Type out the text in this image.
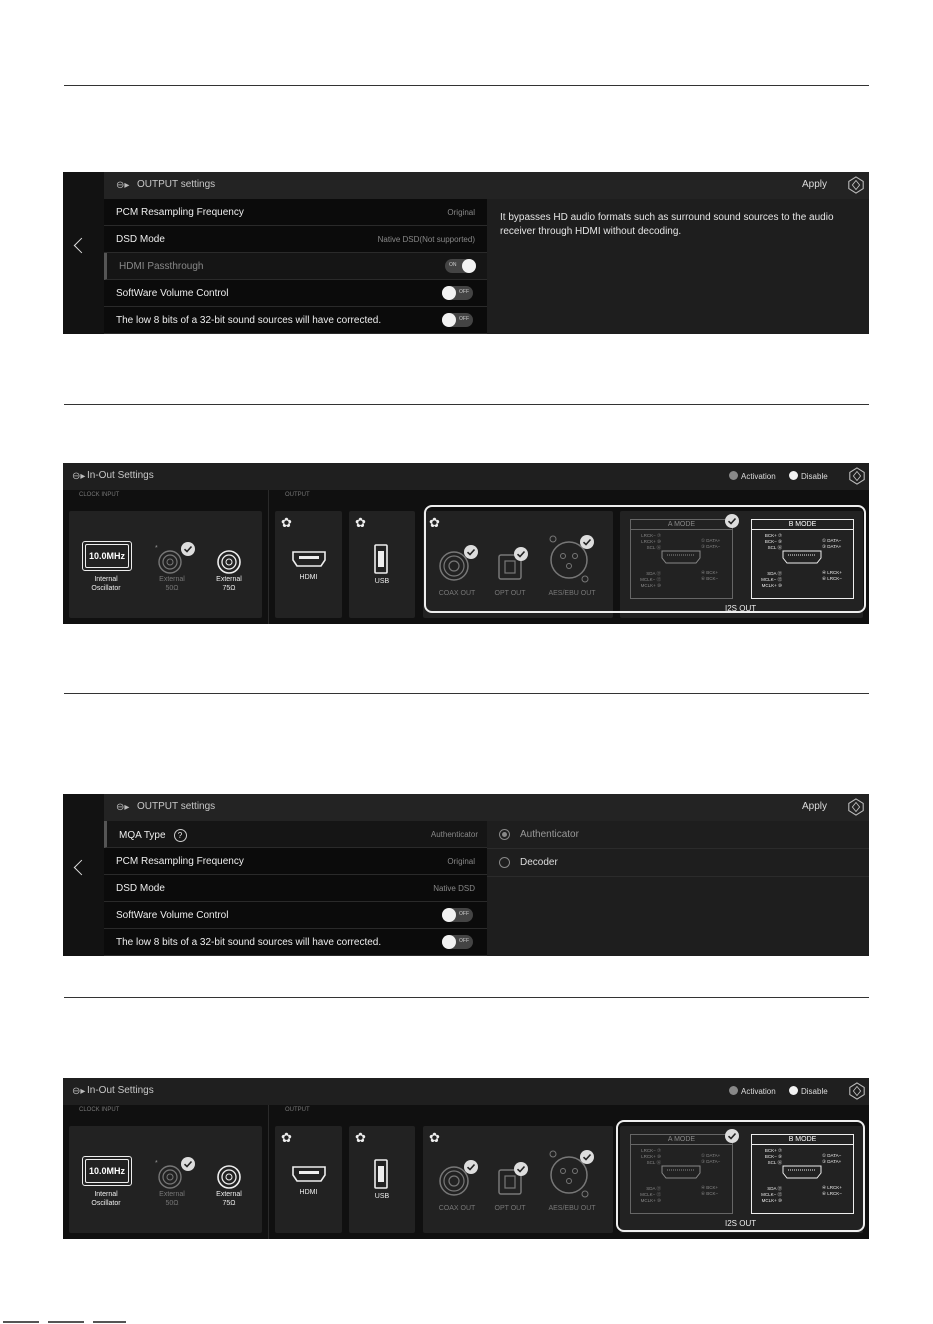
⊖▸ OUTPUT settings	Apply
PCM Resampling Frequency	Original
DSD Mode	Native DSD(Not supported)
HDMI Passthrough	ON
SoftWare Volume Control	OFF
The low 8 bits of a 32-bit sound sources will have corrected.	OFF
It bypasses HD audio formats such as surround sound sources to the audio receiver through HDMI without decoding.
⊖▸ In-Out Settings	Activation	Disable
CLOCK INPUT	OUTPUT
10.0MHz
Internal
Oscillator
*
External
50Ω
External
75Ω
✿
HDMI
✿
USB
✿
COAX OUT	OPT OUT	AES/EBU OUT
A MODE
LRCK− ⑦
LRCK+ ⑩
SCL ⑯
SDA ⑮
MCLK− ⑫
MCLK+ ⑩
① DATA+
③ DATA−
④ BCK+
⑥ BCK−
B MODE
BCK+ ⑦
BCK− ⑨
SCL ⑯
SDA ⑮
MCLK− ⑫
MCLK+ ⑩
① DATA−
③ DATA+
④ LRCK+
⑥ LRCK−
I2S OUT
⊖▸ OUTPUT settings	Apply
MQA Type ?	Authenticator
PCM Resampling Frequency	Original
DSD Mode	Native DSD
SoftWare Volume Control	OFF
The low 8 bits of a 32-bit sound sources will have corrected.	OFF
Authenticator
Decoder
⊖▸ In-Out Settings	Activation	Disable
CLOCK INPUT	OUTPUT
10.0MHz
Internal
Oscillator
*
External
50Ω
External
75Ω
✿
HDMI
✿
USB
✿
COAX OUT	OPT OUT	AES/EBU OUT
A MODE
LRCK− ⑦
LRCK+ ⑩
SCL ⑯
SDA ⑮
MCLK− ⑫
MCLK+ ⑩
① DATA+
③ DATA−
④ BCK+
⑥ BCK−
B MODE
BCK+ ⑦
BCK− ⑨
SCL ⑯
SDA ⑮
MCLK− ⑫
MCLK+ ⑩
① DATA−
③ DATA+
④ LRCK+
⑥ LRCK−
I2S OUT
